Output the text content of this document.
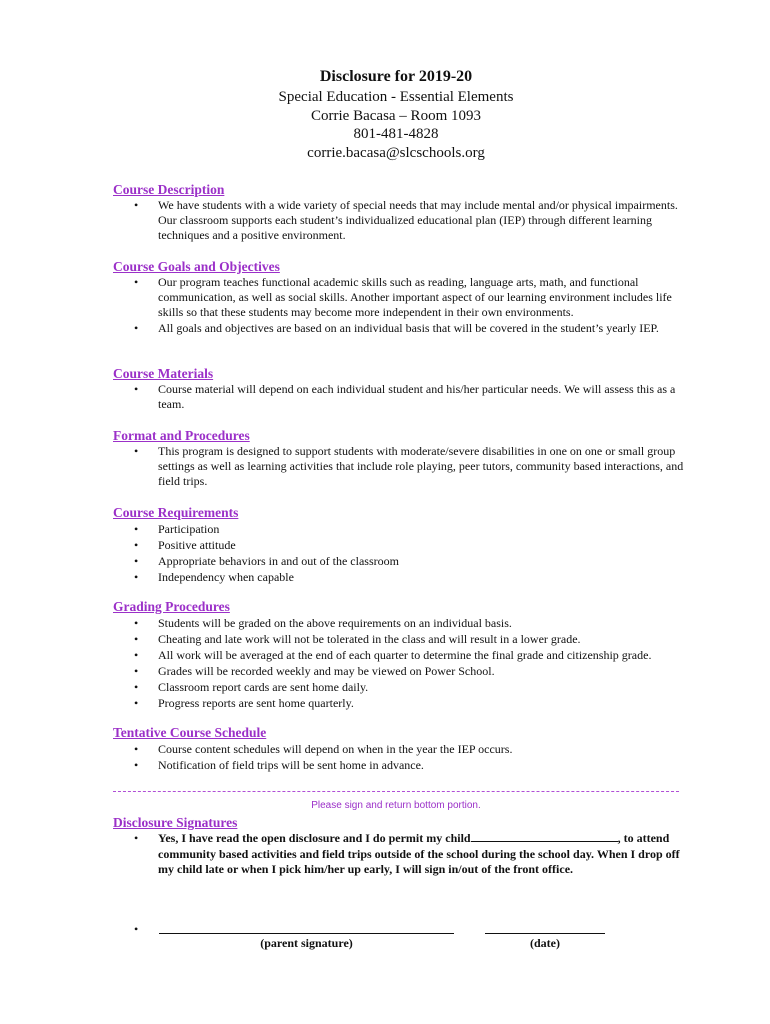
Disclosure for 2019-20
Special Education - Essential Elements
Corrie Bacasa – Room 1093
801-481-4828
corrie.bacasa@slcschools.org
Course Description
• We have students with a wide variety of special needs that may include mental and/or physical impairments. Our classroom supports each student’s individualized educational plan (IEP) through different learning techniques and a positive environment.
Course Goals and Objectives
• Our program teaches functional academic skills such as reading, language arts, math, and functional communication, as well as social skills. Another important aspect of our learning environment includes life skills so that these students may become more independent in their own environments.
• All goals and objectives are based on an individual basis that will be covered in the student’s yearly IEP.
Course Materials
• Course material will depend on each individual student and his/her particular needs. We will assess this as a team.
Format and Procedures
• This program is designed to support students with moderate/severe disabilities in one on one or small group settings as well as learning activities that include role playing, peer tutors, community based interactions, and field trips.
Course Requirements
• Participation
• Positive attitude
• Appropriate behaviors in and out of the classroom
• Independency when capable
Grading Procedures
• Students will be graded on the above requirements on an individual basis.
• Cheating and late work will not be tolerated in the class and will result in a lower grade.
• All work will be averaged at the end of each quarter to determine the final grade and citizenship grade.
• Grades will be recorded weekly and may be viewed on Power School.
• Classroom report cards are sent home daily.
• Progress reports are sent home quarterly.
Tentative Course Schedule
• Course content schedules will depend on when in the year the IEP occurs.
• Notification of field trips will be sent home in advance.
Please sign and return bottom portion.
Disclosure Signatures
•	Yes, I have read the open disclosure and I do permit my child	, to attend community based activities and field trips outside of the school during the school day. When I drop off my child late or when I pick him/her up early, I will sign in/out of the front office.
•
(parent signature)	(date)
